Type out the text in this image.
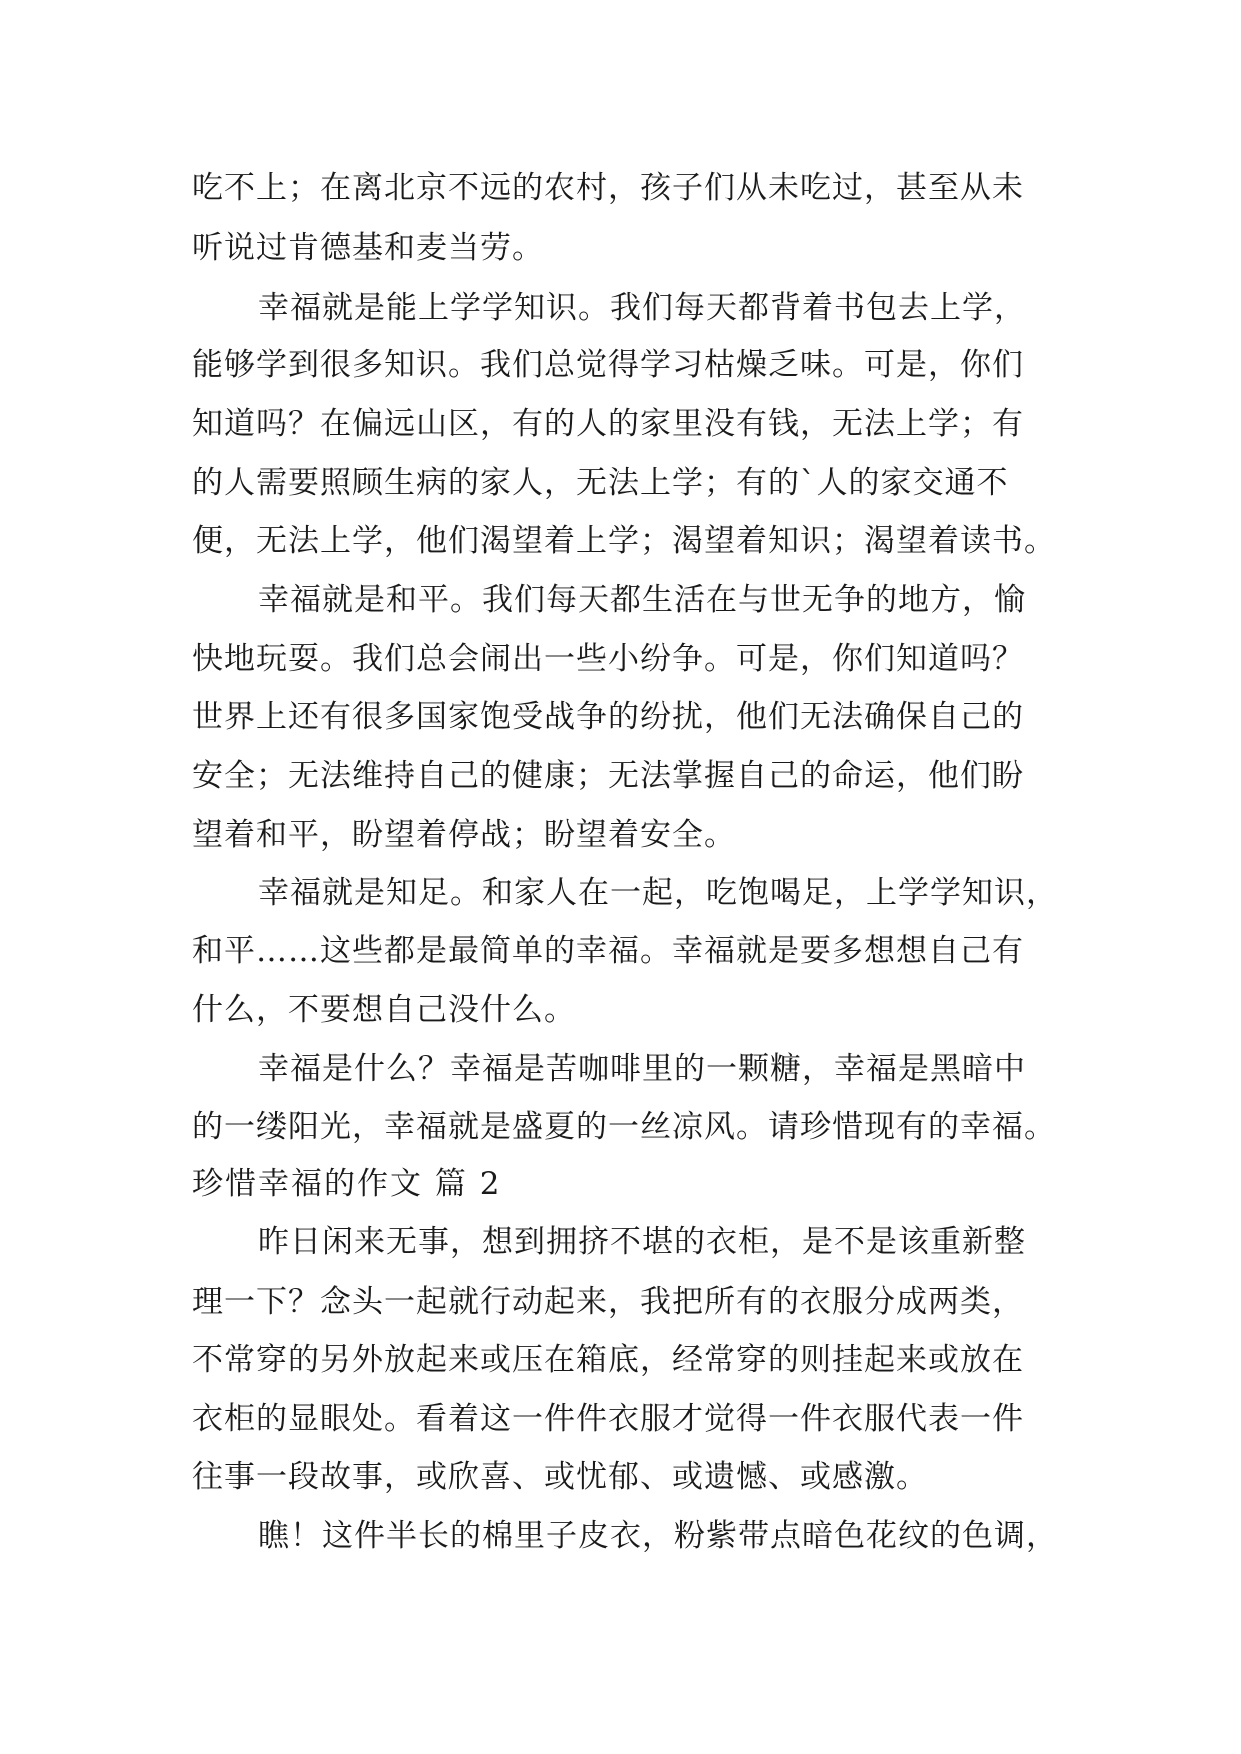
吃不上；在离北京不远的农村，孩子们从未吃过，甚至从未
听说过肯德基和麦当劳。
幸福就是能上学学知识。我们每天都背着书包去上学，
能够学到很多知识。我们总觉得学习枯燥乏味。可是，你们
知道吗？在偏远山区，有的人的家里没有钱，无法上学；有
的人需要照顾生病的家人，无法上学；有的`人的家交通不
便，无法上学，他们渴望着上学；渴望着知识；渴望着读书。
幸福就是和平。我们每天都生活在与世无争的地方，愉
快地玩耍。我们总会闹出一些小纷争。可是，你们知道吗？
世界上还有很多国家饱受战争的纷扰，他们无法确保自己的
安全；无法维持自己的健康；无法掌握自己的命运，他们盼
望着和平，盼望着停战；盼望着安全。
幸福就是知足。和家人在一起，吃饱喝足，上学学知识，
和平……这些都是最简单的幸福。幸福就是要多想想自己有
什么，不要想自己没什么。
幸福是什么？幸福是苦咖啡里的一颗糖，幸福是黑暗中
的一缕阳光，幸福就是盛夏的一丝凉风。请珍惜现有的幸福。
珍惜幸福的作文 篇 2
昨日闲来无事，想到拥挤不堪的衣柜，是不是该重新整
理一下？念头一起就行动起来，我把所有的衣服分成两类，
不常穿的另外放起来或压在箱底，经常穿的则挂起来或放在
衣柜的显眼处。看着这一件件衣服才觉得一件衣服代表一件
往事一段故事，或欣喜、或忧郁、或遗憾、或感激。
瞧！这件半长的棉里子皮衣，粉紫带点暗色花纹的色调，
